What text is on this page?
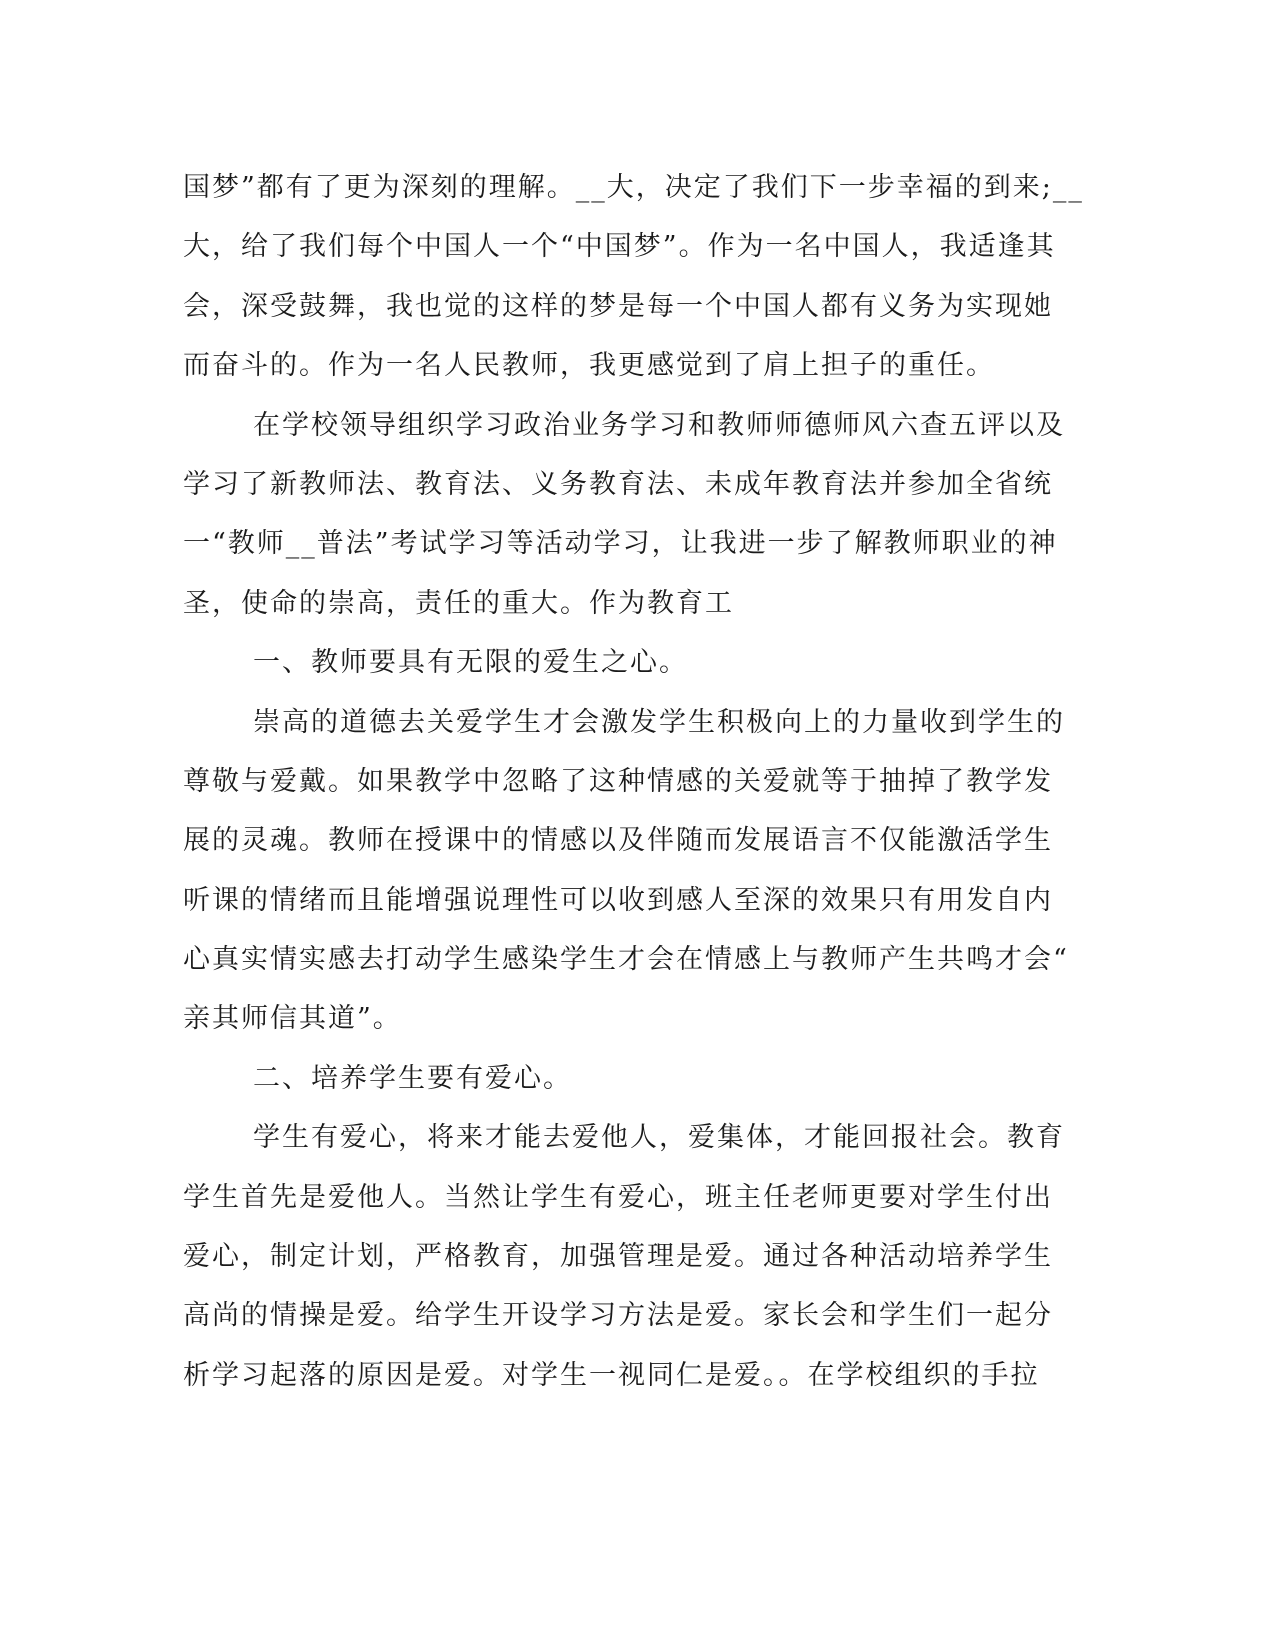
国梦”都有了更为深刻的理解。__大，决定了我们下一步幸福的到来;__
大，给了我们每个中国人一个“中国梦”。作为一名中国人，我适逢其
会，深受鼓舞，我也觉的这样的梦是每一个中国人都有义务为实现她
而奋斗的。作为一名人民教师，我更感觉到了肩上担子的重任。
在学校领导组织学习政治业务学习和教师师德师风六查五评以及
学习了新教师法、教育法、义务教育法、未成年教育法并参加全省统
一“教师__普法”考试学习等活动学习，让我进一步了解教师职业的神
圣，使命的崇高，责任的重大。作为教育工
一、教师要具有无限的爱生之心。
崇高的道德去关爱学生才会激发学生积极向上的力量收到学生的
尊敬与爱戴。如果教学中忽略了这种情感的关爱就等于抽掉了教学发
展的灵魂。教师在授课中的情感以及伴随而发展语言不仅能激活学生
听课的情绪而且能增强说理性可以收到感人至深的效果只有用发自内
心真实情实感去打动学生感染学生才会在情感上与教师产生共鸣才会“
亲其师信其道”。
二、培养学生要有爱心。
学生有爱心，将来才能去爱他人，爱集体，才能回报社会。教育
学生首先是爱他人。当然让学生有爱心，班主任老师更要对学生付出
爱心，制定计划，严格教育，加强管理是爱。通过各种活动培养学生
高尚的情操是爱。给学生开设学习方法是爱。家长会和学生们一起分
析学习起落的原因是爱。对学生一视同仁是爱。。在学校组织的手拉
